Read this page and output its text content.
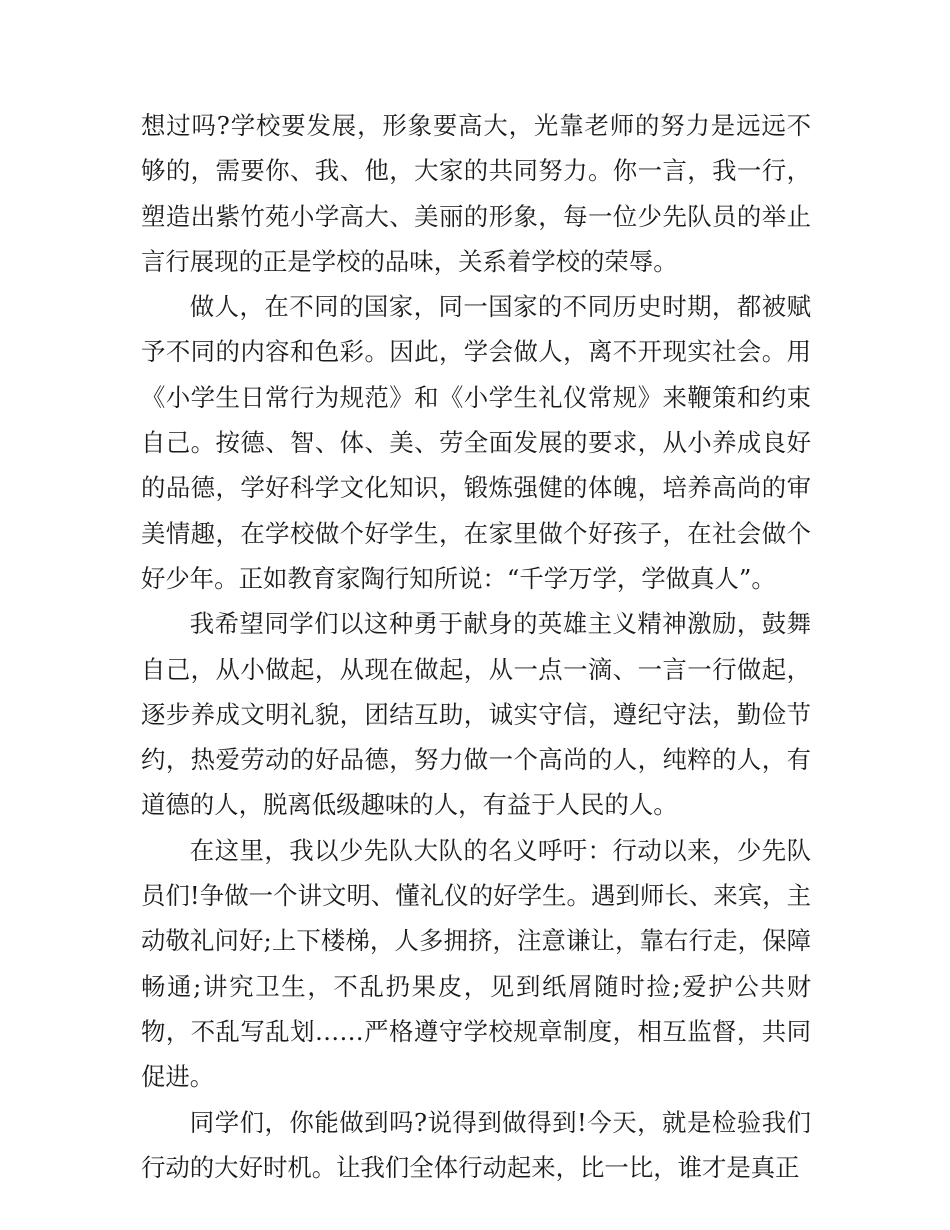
想过吗?学校要发展，形象要高大，光靠老师的努力是远远不够的，需要你、我、他，大家的共同努力。你一言，我一行，塑造出紫竹苑小学高大、美丽的形象，每一位少先队员的举止言行展现的正是学校的品味，关系着学校的荣辱。

做人，在不同的国家，同一国家的不同历史时期，都被赋予不同的内容和色彩。因此，学会做人，离不开现实社会。用《小学生日常行为规范》和《小学生礼仪常规》来鞭策和约束自己。按德、智、体、美、劳全面发展的要求，从小养成良好的品德，学好科学文化知识，锻炼强健的体魄，培养高尚的审美情趣，在学校做个好学生，在家里做个好孩子，在社会做个好少年。正如教育家陶行知所说：“千学万学，学做真人”。

我希望同学们以这种勇于献身的英雄主义精神激励，鼓舞自己，从小做起，从现在做起，从一点一滴、一言一行做起，逐步养成文明礼貌，团结互助，诚实守信，遵纪守法，勤俭节约，热爱劳动的好品德，努力做一个高尚的人，纯粹的人，有道德的人，脱离低级趣味的人，有益于人民的人。

在这里，我以少先队大队的名义呼吁：行动以来，少先队员们!争做一个讲文明、懂礼仪的好学生。遇到师长、来宾，主动敬礼问好;上下楼梯，人多拥挤，注意谦让，靠右行走，保障畅通;讲究卫生，不乱扔果皮，见到纸屑随时捡;爱护公共财物，不乱写乱划……严格遵守学校规章制度，相互监督，共同促进。

同学们，你能做到吗?说得到做得到!今天，就是检验我们行动的大好时机。让我们全体行动起来，比一比，谁才是真正
